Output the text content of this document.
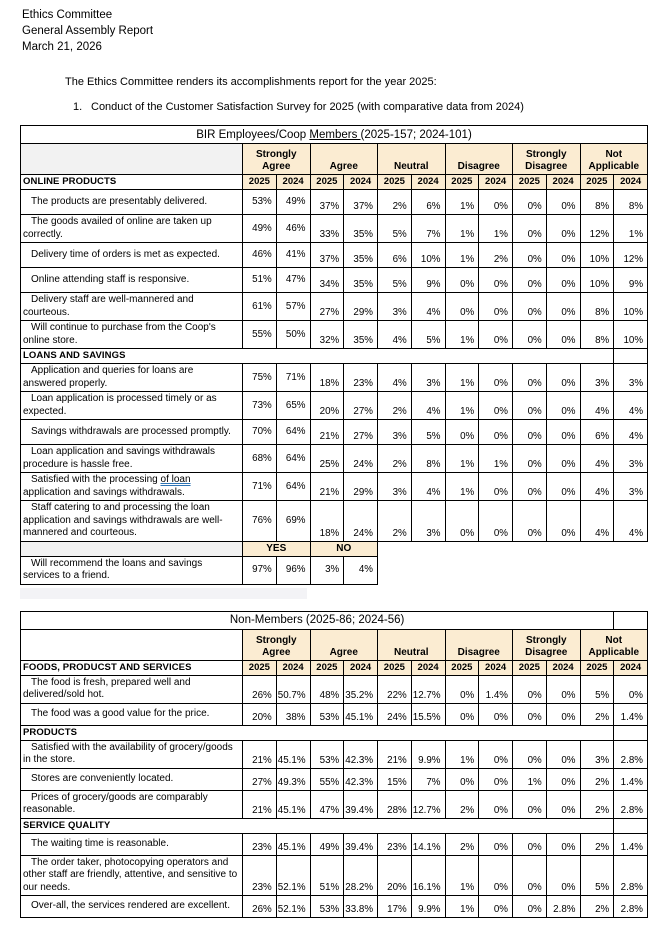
Ethics Committee
General Assembly Report
March 21, 2026

The Ethics Committee renders its accomplishments report for the year 2025:

1. Conduct of the Customer Satisfaction Survey for 2025 (with comparative data from 2024)
BIR Employees/Coop Members (2025-157; 2024-101)												
	Strongly Agree		Agree		Neutral		Disagree		Strongly Disagree		Not Applicable	
ONLINE PRODUCTS	2025	2024	2025	2024	2025	2024	2025	2024	2025	2024	2025	2024
The products are presentably delivered.	53%	49%	37%	37%	2%	6%	1%	0%	0%	0%	8%	8%
The goods availed of online are taken up correctly.	49%	46%	33%	35%	5%	7%	1%	1%	0%	0%	12%	1%
Delivery time of orders is met as expected.	46%	41%	37%	35%	6%	10%	1%	2%	0%	0%	10%	12%
Online attending staff is responsive.	51%	47%	34%	35%	5%	9%	0%	0%	0%	0%	10%	9%
Delivery staff are well-mannered and courteous.	61%	57%	27%	29%	3%	4%	0%	0%	0%	0%	8%	10%
Will continue to purchase from the Coop's online store.	55%	50%	32%	35%	4%	5%	1%	0%	0%	0%	8%	10%
LOANS AND SAVINGS												
Application and queries for loans are answered properly.	75%	71%	18%	23%	4%	3%	1%	0%	0%	0%	3%	3%
Loan application is processed timely or as expected.	73%	65%	20%	27%	2%	4%	1%	0%	0%	0%	4%	4%
Savings withdrawals are processed promptly.	70%	64%	21%	27%	3%	5%	0%	0%	0%	0%	6%	4%
Loan application and savings withdrawals procedure is hassle free.	68%	64%	25%	24%	2%	8%	1%	1%	0%	0%	4%	3%
Satisfied with the processing of loan application and savings withdrawals.	71%	64%	21%	29%	3%	4%	1%	0%	0%	0%	4%	3%
Staff catering to and processing the loan application and savings withdrawals are well-mannered and courteous.	76%	69%	18%	24%	2%	3%	0%	0%	0%	0%	4%	4%
	YES		NO									
Will recommend the loans and savings services to a friend.	97%	96%	3%	4%								
Non-Members (2025-86; 2024-56)												
	Strongly Agree		Agree		Neutral		Disagree		Strongly Disagree		Not Applicable	
FOODS, PRODUCST AND SERVICES	2025	2024	2025	2024	2025	2024	2025	2024	2025	2024	2025	2024
The food is fresh, prepared well and delivered/sold hot.	26%	50.7%	48%	35.2%	22%	12.7%	0%	1.4%	0%	0%	5%	0%
The food was a good value for the price.	20%	38%	53%	45.1%	24%	15.5%	0%	0%	0%	0%	2%	1.4%
PRODUCTS												
Satisfied with the availability of grocery/goods in the store.	21%	45.1%	53%	42.3%	21%	9.9%	1%	0%	0%	0%	3%	2.8%
Stores are conveniently located.	27%	49.3%	55%	42.3%	15%	7%	0%	0%	1%	0%	2%	1.4%
Prices of grocery/goods are comparably reasonable.	21%	45.1%	47%	39.4%	28%	12.7%	2%	0%	0%	0%	2%	2.8%
SERVICE QUALITY												
The waiting time is reasonable.	23%	45.1%	49%	39.4%	23%	14.1%	2%	0%	0%	0%	2%	1.4%
The order taker, photocopying operators and other staff are friendly, attentive, and sensitive to our needs.	23%	52.1%	51%	28.2%	20%	16.1%	1%	0%	0%	0%	5%	2.8%
Over-all, the services rendered are excellent.	26%	52.1%	53%	33.8%	17%	9.9%	1%	0%	0%	2.8%	2%	2.8%
